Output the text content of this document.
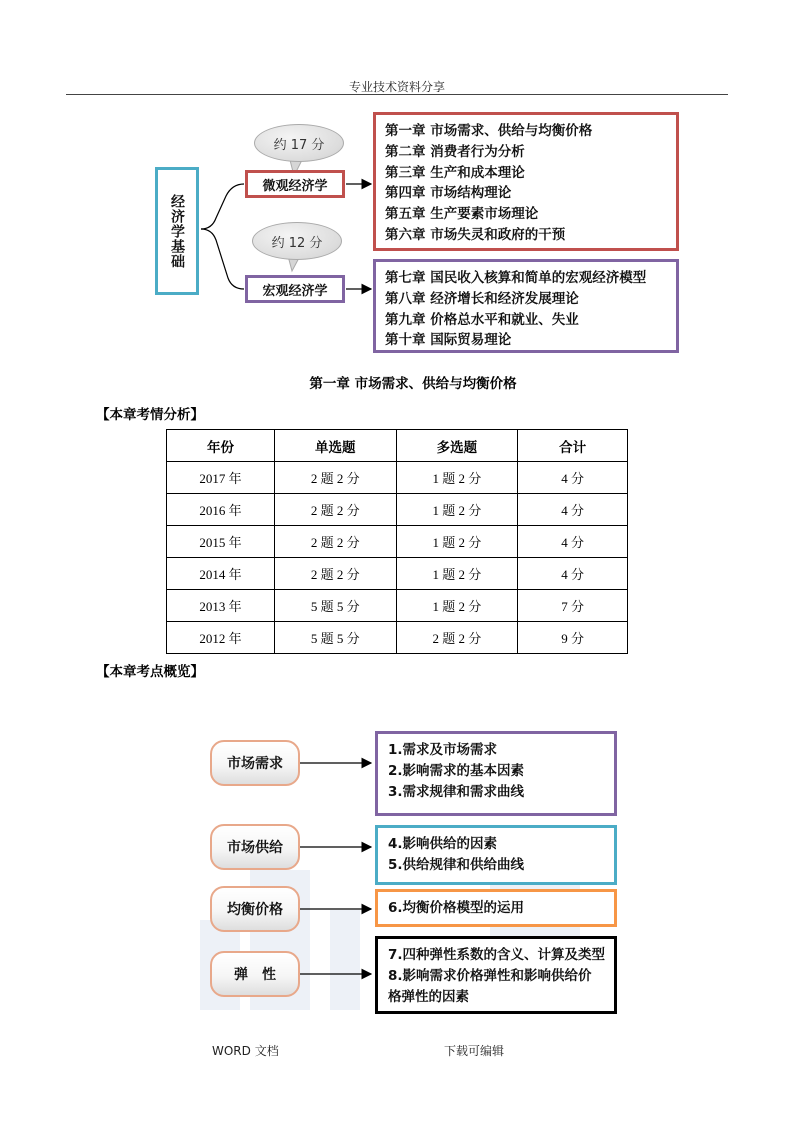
专业技术资料分享
经济学基础
约 17 分
约 12 分
微观经济学
宏观经济学
第一章 市场需求、供给与均衡价格
第二章 消费者行为分析
第三章 生产和成本理论
第四章 市场结构理论
第五章 生产要素市场理论
第六章 市场失灵和政府的干预
第七章 国民收入核算和简单的宏观经济模型
第八章 经济增长和经济发展理论
第九章 价格总水平和就业、失业
第十章 国际贸易理论
第一章 市场需求、供给与均衡价格
【本章考情分析】
年份	单选题	多选题	合计
2017 年	2 题 2 分	1 题 2 分	4 分
2016 年	2 题 2 分	1 题 2 分	4 分
2015 年	2 题 2 分	1 题 2 分	4 分
2014 年	2 题 2 分	1 题 2 分	4 分
2013 年	5 题 5 分	1 题 2 分	7 分
2012 年	5 题 5 分	2 题 2 分	9 分
【本章考点概览】
市场需求
市场供给
均衡价格
弹　性
1.需求及市场需求
2.影响需求的基本因素
3.需求规律和需求曲线
4.影响供给的因素
5.供给规律和供给曲线
6.均衡价格模型的运用
7.四种弹性系数的含义、计算及类型
8.影响需求价格弹性和影响供给价
格弹性的因素
WORD 文档	下载可编辑
